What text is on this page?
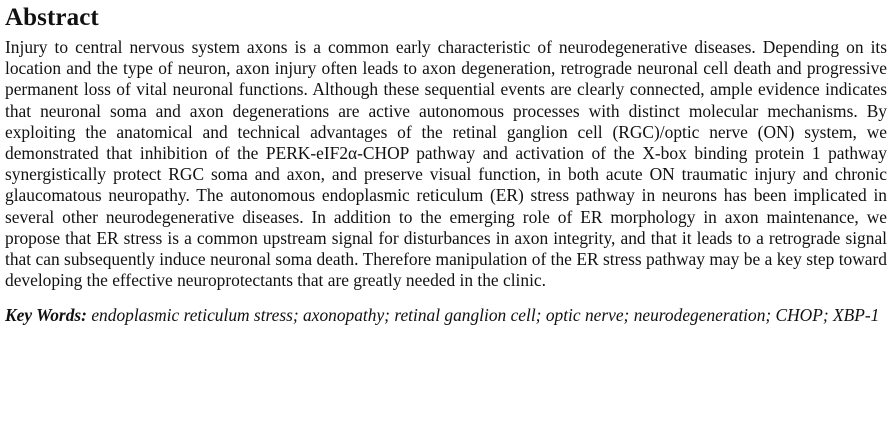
Abstract

Injury to central nervous system axons is a common early characteristic of neurodegenerative diseases. Depending on its location and the type of neuron, axon injury often leads to axon degeneration, retrograde neuronal cell death and progressive permanent loss of vital neuronal functions. Although these sequential events are clearly connected, ample evidence indicates that neuronal soma and axon degenerations are active autonomous processes with distinct molecular mechanisms. By exploiting the anatomical and technical advantages of the retinal ganglion cell (RGC)/optic nerve (ON) system, we demonstrated that inhibition of the PERK-eIF2α-CHOP pathway and activation of the X-box binding protein 1 pathway synergistically protect RGC soma and axon, and preserve visual function, in both acute ON traumatic injury and chronic glaucomatous neuropathy. The autonomous endoplasmic reticulum (ER) stress pathway in neurons has been implicated in several other neurodegenerative diseases. In addition to the emerging role of ER morphology in axon maintenance, we propose that ER stress is a common upstream signal for disturbances in axon integrity, and that it leads to a retrograde signal that can subsequently induce neuronal soma death. Therefore manipulation of the ER stress pathway may be a key step toward developing the effective neuroprotectants that are greatly needed in the clinic.

Key Words: endoplasmic reticulum stress; axonopathy; retinal ganglion cell; optic nerve; neurodegeneration; CHOP; XBP-1
